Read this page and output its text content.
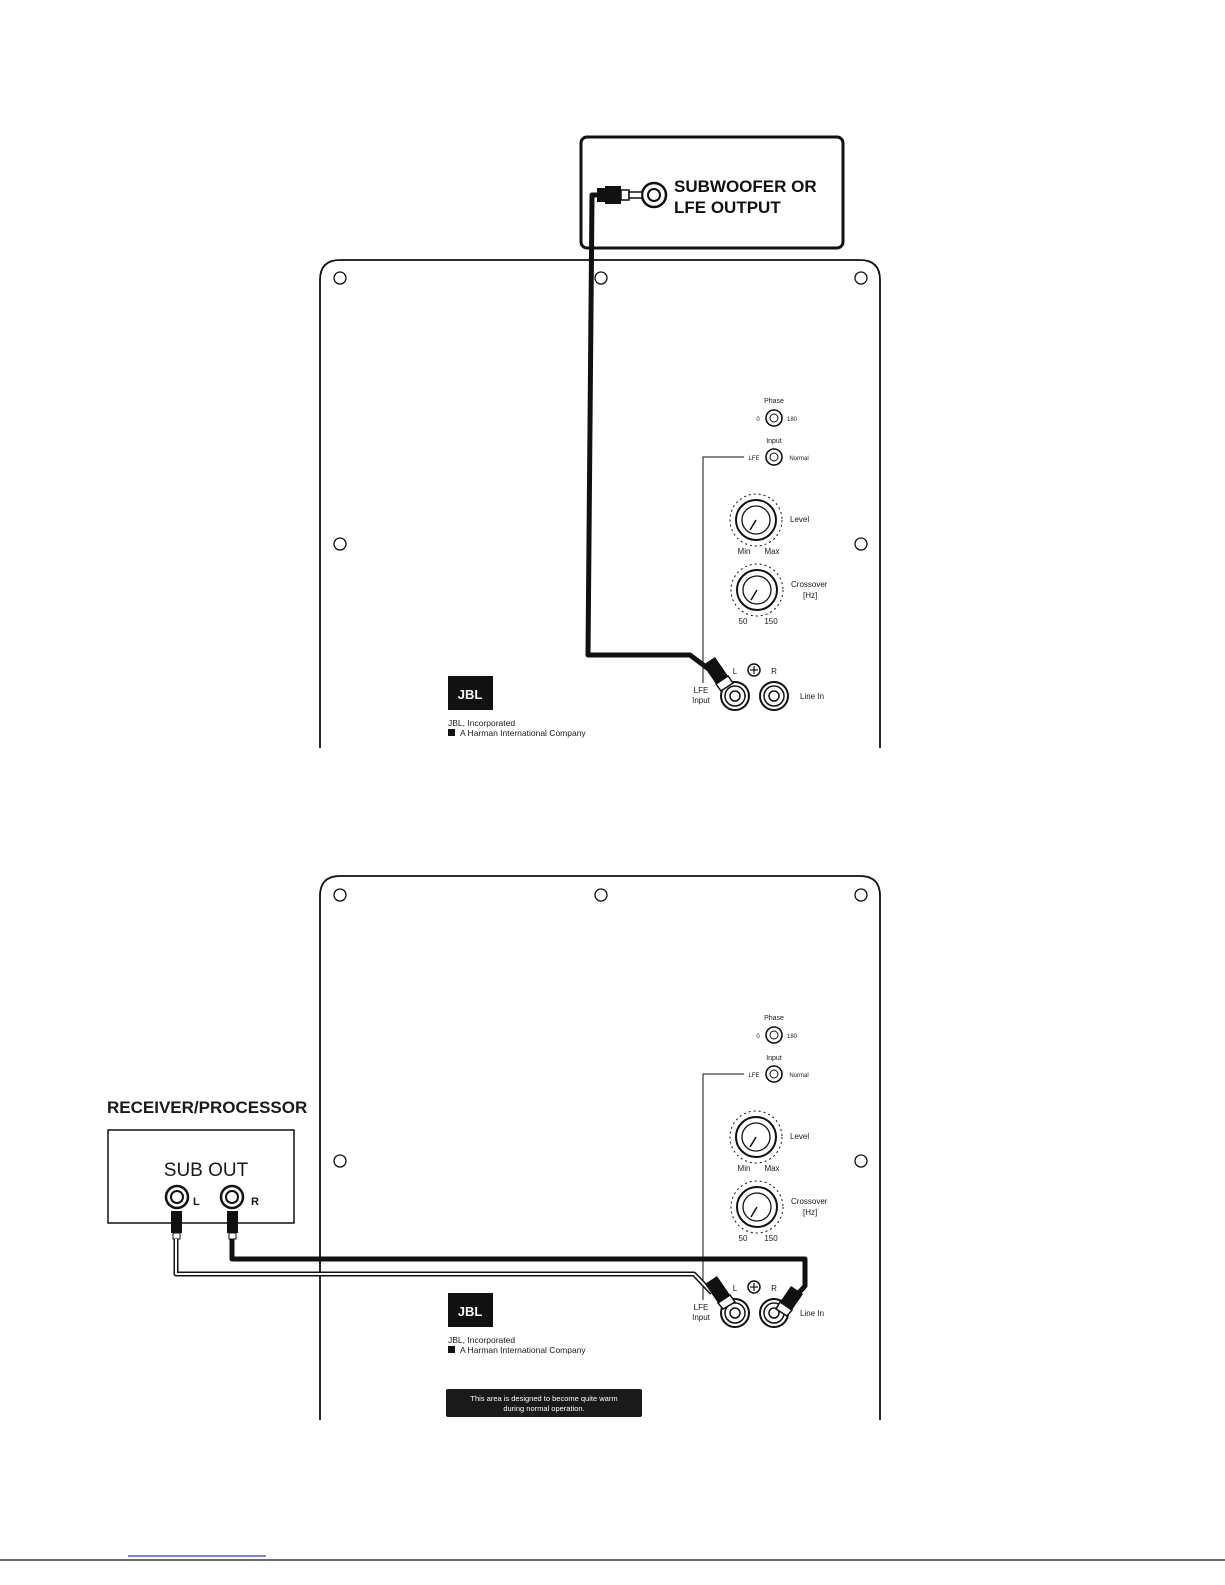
SUBWOOFER OR
LFE OUTPUT
Phase
0	180
Input
LFE	Normal
Level
Min Max
Crossover
[Hz]
50 150
L	R
LFE
Input	Line In
JBL
JBL, Incorporated
A Harman International Company
RECEIVER/PROCESSOR
SUB OUT
L	R
Phase
0	180
Input
LFE	Normal
Level
Min Max
Crossover
[Hz]
50 150
L	R
LFE
Input	Line In
JBL
JBL, Incorporated
A Harman International Company
This area is designed to become quite warm
during normal operation.
